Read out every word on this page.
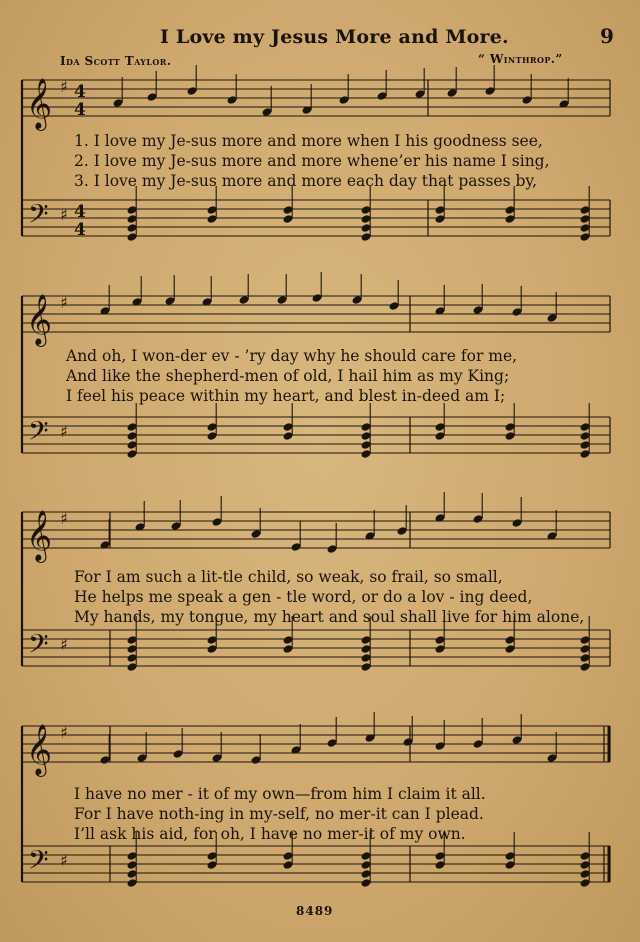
I Love my Jesus More and More.	9
Ida Scott Taylor.	“ Winthrop.”
𝄞
𝄢
♯
♯
4
4
4
4
𝄞
𝄢
♯
♯
𝄞
𝄢
♯
♯
𝄞
𝄢
♯
♯
1. I love my Je-sus more and more when I his goodness see,
2. I love my Je-sus more and more whene’er his name I sing,
3. I love my Je-sus more and more each day that passes by,
And oh, I won-der ev - ’ry day why he should care for me,
And like the shepherd-men of old, I hail him as my King;
I feel his peace within my heart, and blest in-deed am I;
For I am such a lit-tle child, so weak, so frail, so small,
He helps me speak a gen - tle word, or do a lov - ing deed,
My hands, my tongue, my heart and soul shall live for him alone,
I have no mer - it of my own—from him I claim it all.
For I have noth-ing in my-self, no mer-it can I plead.
I’ll ask his aid, for oh, I have no mer-it of my own.
8489
